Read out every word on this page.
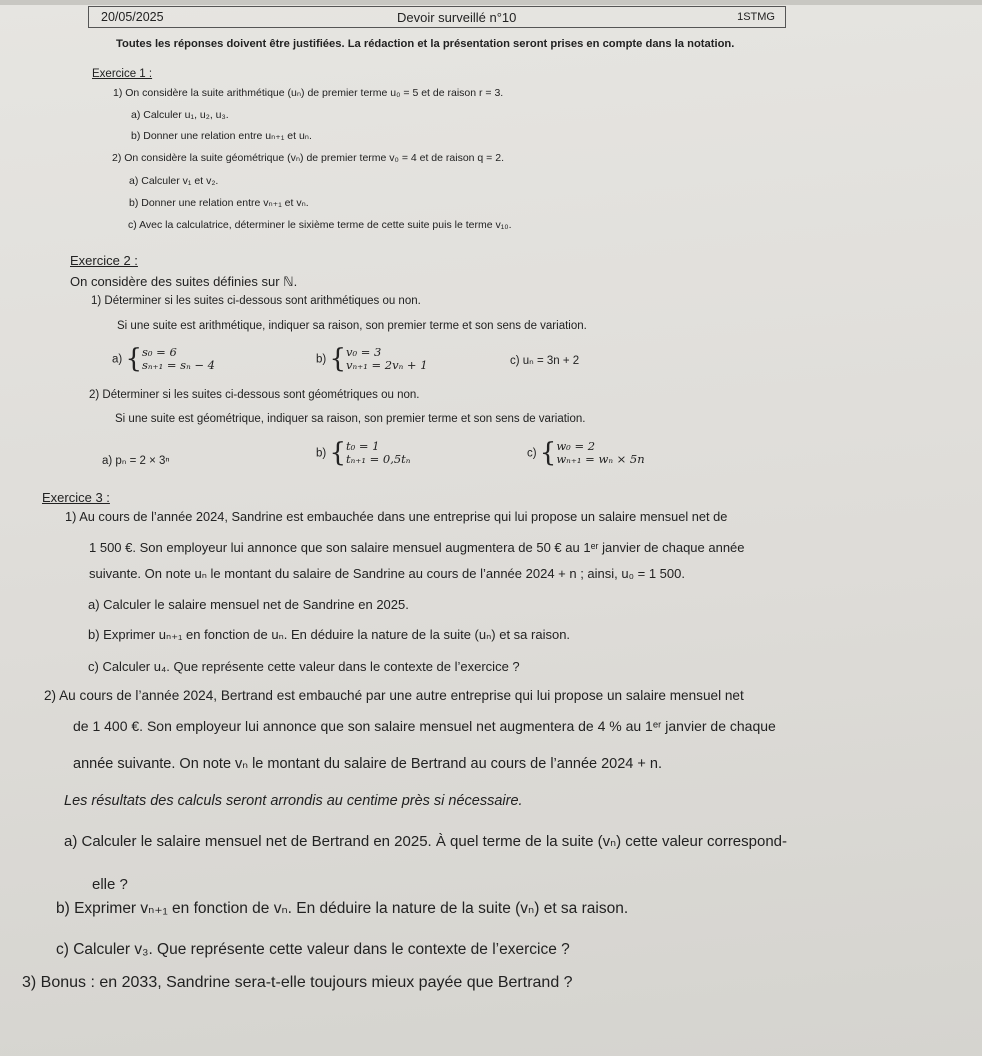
20/05/2025	Devoir surveillé n°10	1STMG
Toutes les réponses doivent être justifiées. La rédaction et la présentation seront prises en compte dans la notation.
Exercice 1 :
1) On considère la suite arithmétique (uₙ) de premier terme u₀ = 5 et de raison r = 3.
a) Calculer u₁, u₂, u₃.
b) Donner une relation entre uₙ₊₁ et uₙ.
2) On considère la suite géométrique (vₙ) de premier terme v₀ = 4 et de raison q = 2.
a) Calculer v₁ et v₂.
b) Donner une relation entre vₙ₊₁ et vₙ.
c) Avec la calculatrice, déterminer le sixième terme de cette suite puis le terme v₁₀.
Exercice 2 :
On considère des suites définies sur ℕ.
1) Déterminer si les suites ci-dessous sont arithmétiques ou non.
Si une suite est arithmétique, indiquer sa raison, son premier terme et son sens de variation.
a) { s₀ = 6
sₙ₊₁ = sₙ − 4	b) { v₀ = 3
vₙ₊₁ = 2vₙ + 1	c) uₙ = 3n + 2
2) Déterminer si les suites ci-dessous sont géométriques ou non.
Si une suite est géométrique, indiquer sa raison, son premier terme et son sens de variation.
a) pₙ = 2 × 3ⁿ
b) { t₀ = 1
tₙ₊₁ = 0,5tₙ	c) { w₀ = 2
wₙ₊₁ = wₙ × 5n
Exercice 3 :
1) Au cours de l’année 2024, Sandrine est embauchée dans une entreprise qui lui propose un salaire mensuel net de
1 500 €. Son employeur lui annonce que son salaire mensuel augmentera de 50 € au 1ᵉʳ janvier de chaque année
suivante. On note uₙ le montant du salaire de Sandrine au cours de l’année 2024 + n ; ainsi, u₀ = 1 500.
a) Calculer le salaire mensuel net de Sandrine en 2025.
b) Exprimer uₙ₊₁ en fonction de uₙ. En déduire la nature de la suite (uₙ) et sa raison.
c) Calculer u₄. Que représente cette valeur dans le contexte de l’exercice ?
2) Au cours de l’année 2024, Bertrand est embauché par une autre entreprise qui lui propose un salaire mensuel net
de 1 400 €. Son employeur lui annonce que son salaire mensuel net augmentera de 4 % au 1ᵉʳ janvier de chaque
année suivante. On note vₙ le montant du salaire de Bertrand au cours de l’année 2024 + n.
Les résultats des calculs seront arrondis au centime près si nécessaire.
a) Calculer le salaire mensuel net de Bertrand en 2025. À quel terme de la suite (vₙ) cette valeur correspond-
elle ?
b) Exprimer vₙ₊₁ en fonction de vₙ. En déduire la nature de la suite (vₙ) et sa raison.
c) Calculer v₃. Que représente cette valeur dans le contexte de l’exercice ?
3) Bonus : en 2033, Sandrine sera-t-elle toujours mieux payée que Bertrand ?
